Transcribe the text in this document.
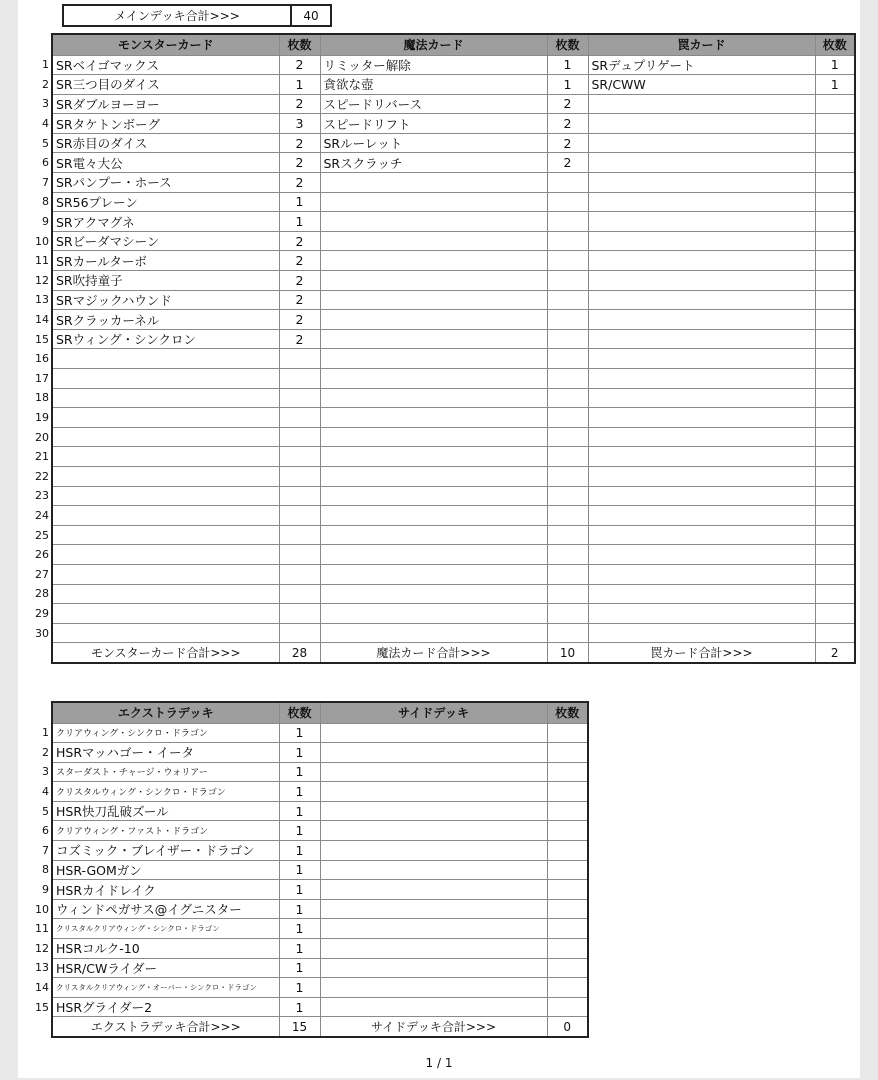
メインデッキ合計>>>	40
	モンスターカード	枚数	魔法カード	枚数	罠カード	枚数
1	SRベイゴマックス	2	リミッター解除	1	SRデュプリゲート	1
2	SR三つ目のダイス	1	貪欲な壺	1	SR/CWW	1
3	SRダブルヨーヨー	2	スピードリバース	2		
4	SRタケトンボーグ	3	スピードリフト	2		
5	SR赤目のダイス	2	SRルーレット	2		
6	SR電々大公	2	SRスクラッチ	2		
7	SRパンプー・ホース	2				
8	SR56プレーン	1				
9	SRアクマグネ	1				
10	SRビーダマシーン	2				
11	SRカールターボ	2				
12	SR吹持童子	2				
13	SRマジックハウンド	2				
14	SRクラッカーネル	2				
15	SRウィング・シンクロン	2				
16						
17						
18						
19						
20						
21						
22						
23						
24						
25						
26						
27						
28						
29						
30						
	モンスターカード合計>>>	28	魔法カード合計>>>	10	罠カード合計>>>	2
	エクストラデッキ	枚数	サイドデッキ	枚数
1	クリアウィング・シンクロ・ドラゴン	1		
2	HSRマッハゴー・イータ	1		
3	スターダスト・チャージ・ウォリアー	1		
4	クリスタルウィング・シンクロ・ドラゴン	1		
5	HSR快刀乱破ズール	1		
6	クリアウィング・ファスト・ドラゴン	1		
7	コズミック・ブレイザー・ドラゴン	1		
8	HSR-GOMガン	1		
9	HSRカイドレイク	1		
10	ウィンドペガサス@イグニスター	1		
11	クリスタルクリアウィング・シンクロ・ドラゴン	1		
12	HSRコルク-10	1		
13	HSR/CWライダー	1		
14	クリスタルクリアウィング・オーバー・シンクロ・ドラゴン	1		
15	HSRグライダー2	1		
	エクストラデッキ合計>>>	15	サイドデッキ合計>>>	0
1 / 1
